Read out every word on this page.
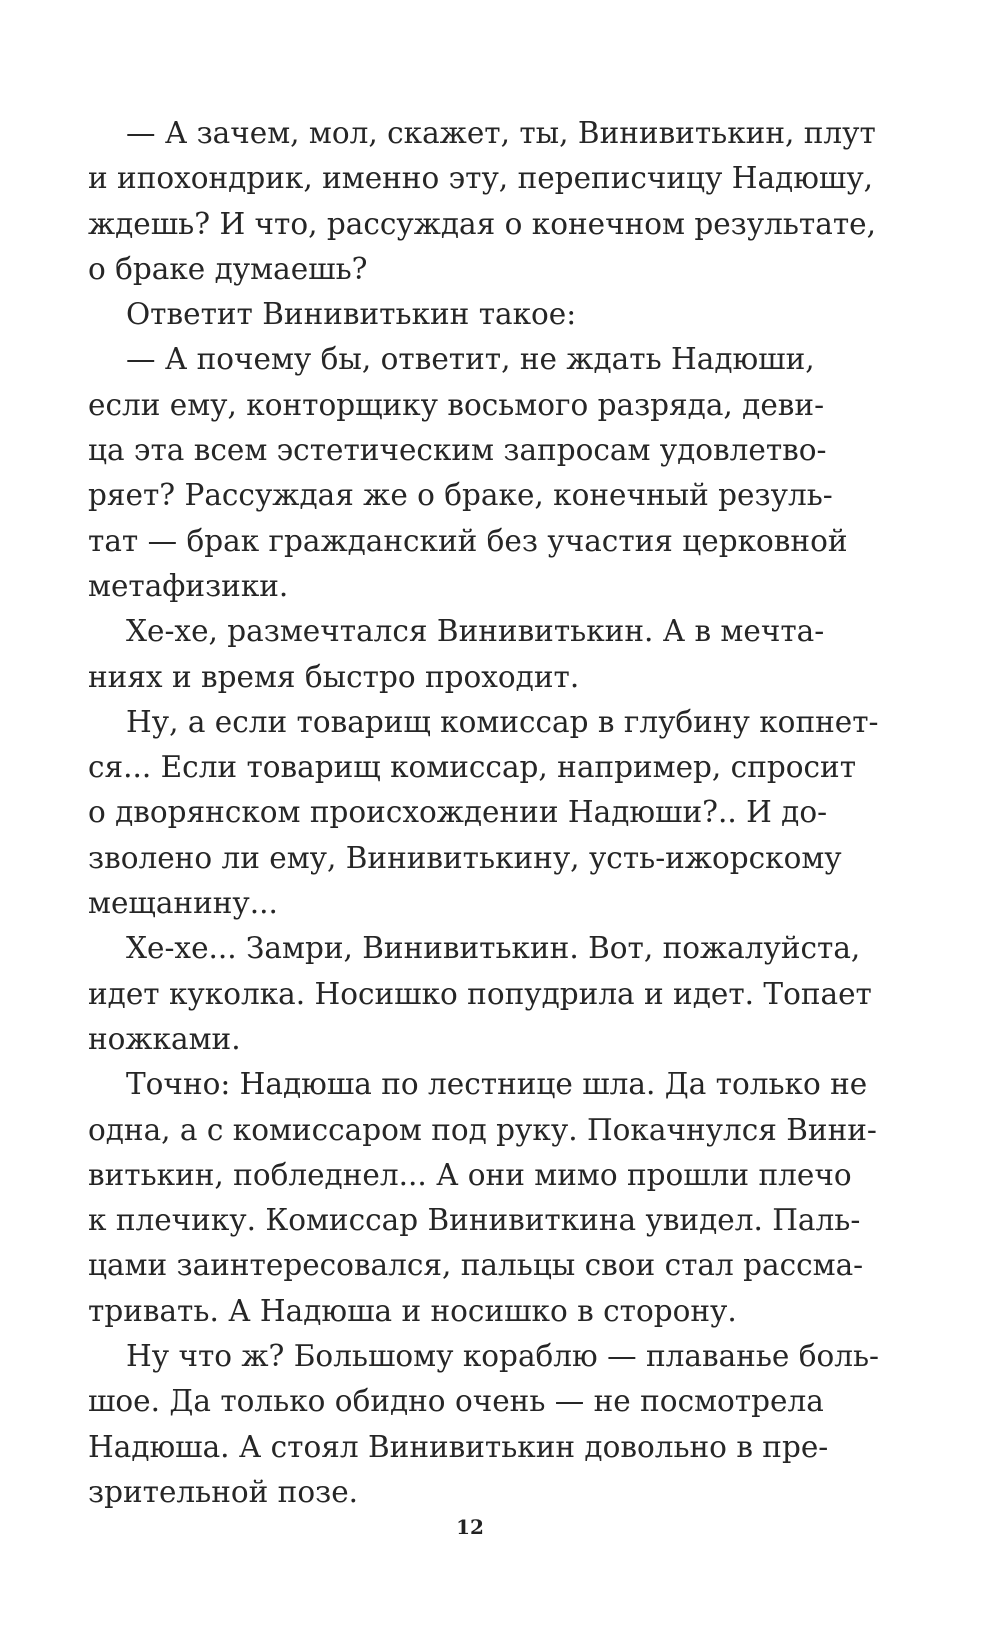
— А зачем, мол, скажет, ты, Винивитькин, плут
и ипохондрик, именно эту, переписчицу Надюшу,
ждешь? И что, рассуждая о конечном результате,
о браке думаешь?
Ответит Винивитькин такое:
— А почему бы, ответит, не ждать Надюши,
если ему, конторщику восьмого разряда, деви-
ца эта всем эстетическим запросам удовлетво-
ряет? Рассуждая же о браке, конечный резуль-
тат — брак гражданский без участия церковной
метафизики.
Хе-хе, размечтался Винивитькин. А в мечта-
ниях и время быстро проходит.
Ну, а если товарищ комиссар в глубину копнет-
ся... Если товарищ комиссар, например, спросит
о дворянском происхождении Надюши?.. И до-
зволено ли ему, Винивитькину, усть-ижорскому
мещанину...
Хе-хе... Замри, Винивитькин. Вот, пожалуйста,
идет куколка. Носишко попудрила и идет. Топает
ножками.
Точно: Надюша по лестнице шла. Да только не
одна, а с комиссаром под руку. Покачнулся Вини-
витькин, побледнел... А они мимо прошли плечо
к плечику. Комиссар Винивиткина увидел. Паль-
цами заинтересовался, пальцы свои стал рассма-
тривать. А Надюша и носишко в сторону.
Ну что ж? Большому кораблю — плаванье боль-
шое. Да только обидно очень — не посмотрела
Надюша. А стоял Винивитькин довольно в пре-
зрительной позе.
12
